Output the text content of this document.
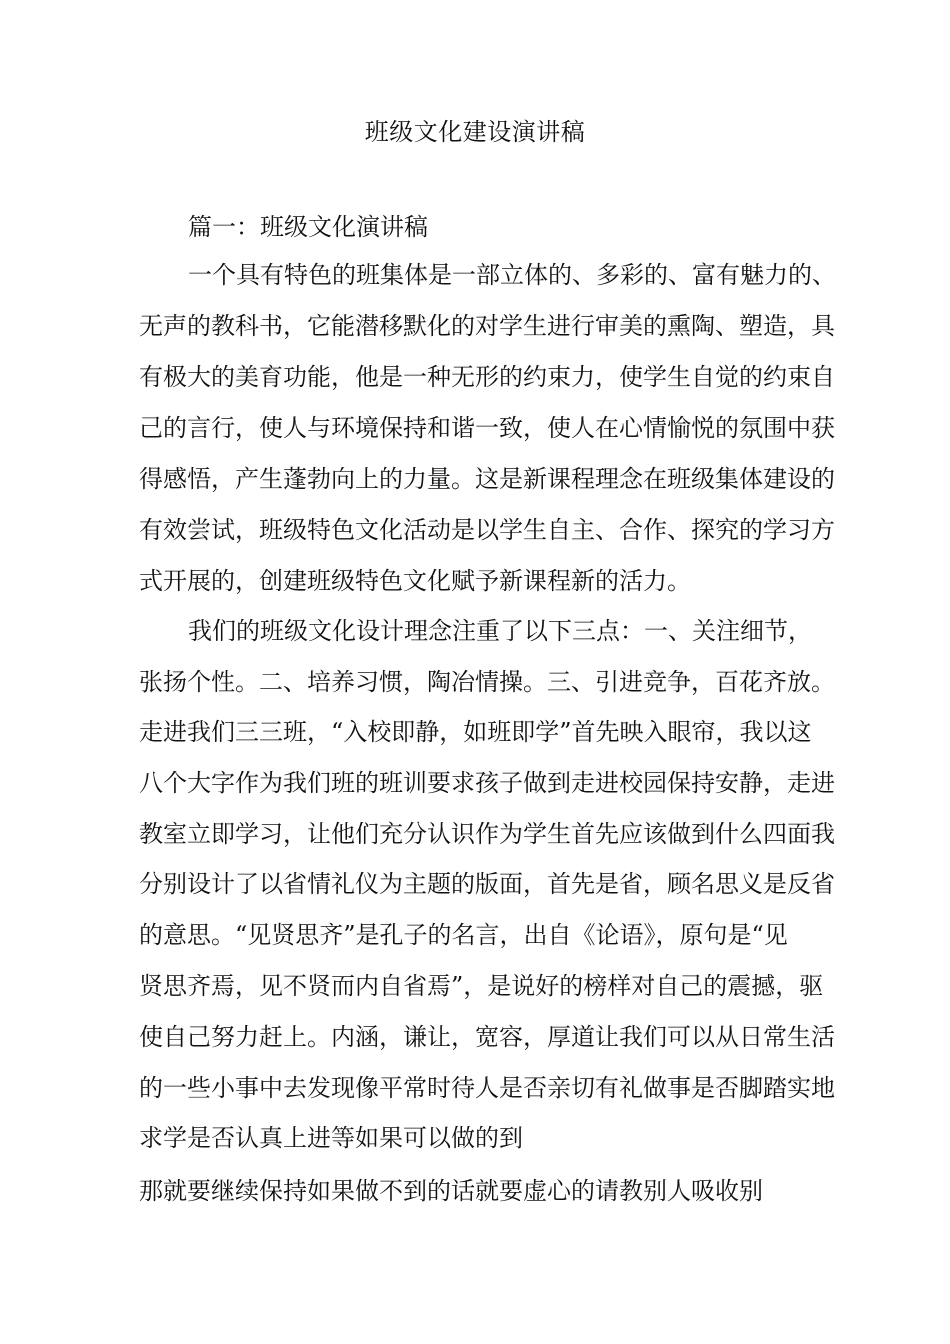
班级文化建设演讲稿

篇一：班级文化演讲稿

一个具有特色的班集体是一部立体的、多彩的、富有魅力的、

无声的教科书，它能潜移默化的对学生进行审美的熏陶、塑造，具

有极大的美育功能，他是一种无形的约束力，使学生自觉的约束自

己的言行，使人与环境保持和谐一致，使人在心情愉悦的氛围中获

得感悟，产生蓬勃向上的力量。这是新课程理念在班级集体建设的

有效尝试，班级特色文化活动是以学生自主、合作、探究的学习方

式开展的，创建班级特色文化赋予新课程新的活力。

我们的班级文化设计理念注重了以下三点：一、关注细节，

张扬个性。二、培养习惯，陶冶情操。三、引进竞争，百花齐放。

走进我们三三班，“入校即静，如班即学”首先映入眼帘，我以这

八个大字作为我们班的班训要求孩子做到走进校园保持安静，走进

教室立即学习，让他们充分认识作为学生首先应该做到什么四面我

分别设计了以省情礼仪为主题的版面，首先是省，顾名思义是反省

的意思。“见贤思齐”是孔子的名言，出自《论语》，原句是“见

贤思齐焉，见不贤而内自省焉”，是说好的榜样对自己的震撼，驱

使自己努力赶上。内涵，谦让，宽容，厚道让我们可以从日常生活

的一些小事中去发现像平常时待人是否亲切有礼做事是否脚踏实地

求学是否认真上进等如果可以做的到

那就要继续保持如果做不到的话就要虚心的请教别人吸收别
